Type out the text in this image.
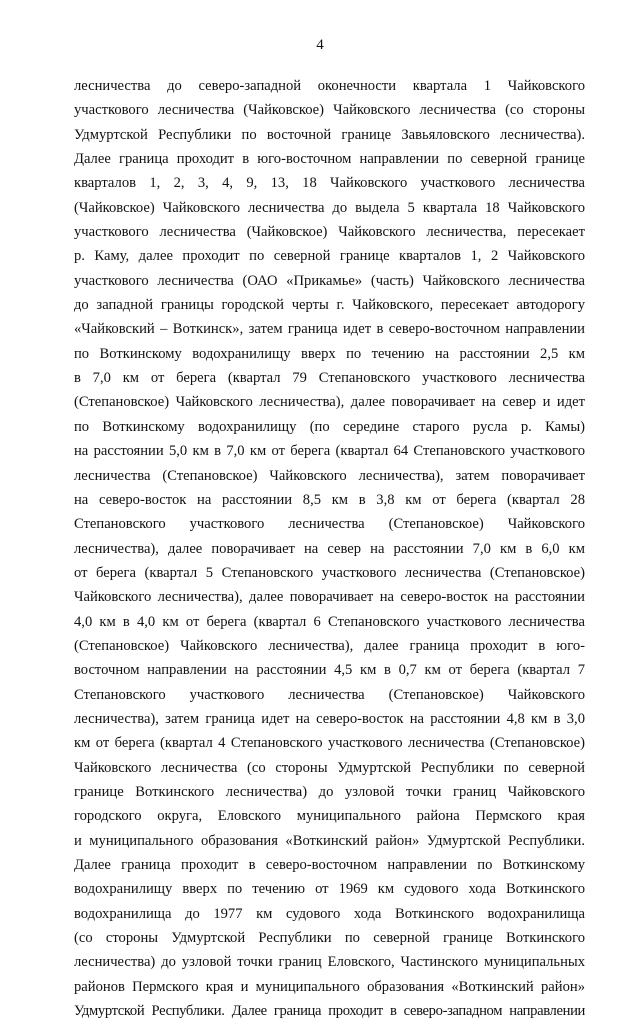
4
лесничества до северо-западной оконечности квартала 1 Чайковского
участкового лесничества (Чайковское) Чайковского лесничества (со стороны
Удмуртской Республики по восточной границе Завьяловского лесничества).
Далее граница проходит в юго-восточном направлении по северной границе
кварталов 1, 2, 3, 4, 9, 13, 18 Чайковского участкового лесничества
(Чайковское) Чайковского лесничества до выдела 5 квартала 18 Чайковского
участкового лесничества (Чайковское) Чайковского лесничества, пересекает
р. Каму, далее проходит по северной границе кварталов 1, 2 Чайковского
участкового лесничества (ОАО «Прикамье» (часть) Чайковского лесничества
до западной границы городской черты г. Чайковского, пересекает автодорогу
«Чайковский – Воткинск», затем граница идет в северо-восточном направлении
по Воткинскому водохранилищу вверх по течению на расстоянии 2,5 км
в 7,0 км от берега (квартал 79 Степановского участкового лесничества
(Степановское) Чайковского лесничества), далее поворачивает на север и идет
по Воткинскому водохранилищу (по середине старого русла р. Камы)
на расстоянии 5,0 км в 7,0 км от берега (квартал 64 Степановского участкового
лесничества (Степановское) Чайковского лесничества), затем поворачивает
на северо-восток на расстоянии 8,5 км в 3,8 км от берега (квартал 28
Степановского участкового лесничества (Степановское) Чайковского
лесничества), далее поворачивает на север на расстоянии 7,0 км в 6,0 км
от берега (квартал 5 Степановского участкового лесничества (Степановское)
Чайковского лесничества), далее поворачивает на северо-восток на расстоянии
4,0 км в 4,0 км от берега (квартал 6 Степановского участкового лесничества
(Степановское) Чайковского лесничества), далее граница проходит в юго-
восточном направлении на расстоянии 4,5 км в 0,7 км от берега (квартал 7
Степановского участкового лесничества (Степановское) Чайковского
лесничества), затем граница идет на северо-восток на расстоянии 4,8 км в 3,0
км от берега (квартал 4 Степановского участкового лесничества (Степановское)
Чайковского лесничества (со стороны Удмуртской Республики по северной
границе Воткинского лесничества) до узловой точки границ Чайковского
городского округа, Еловского муниципального района Пермского края
и муниципального образования «Воткинский район» Удмуртской Республики.
Далее граница проходит в северо-восточном направлении по Воткинскому
водохранилищу вверх по течению от 1969 км судового хода Воткинского
водохранилища до 1977 км судового хода Воткинского водохранилища
(со стороны Удмуртской Республики по северной границе Воткинского
лесничества) до узловой точки границ Еловского, Частинского муниципальных
районов Пермского края и муниципального образования «Воткинский район»
Удмуртской Республики. Далее граница проходит в северо-западном направлении
